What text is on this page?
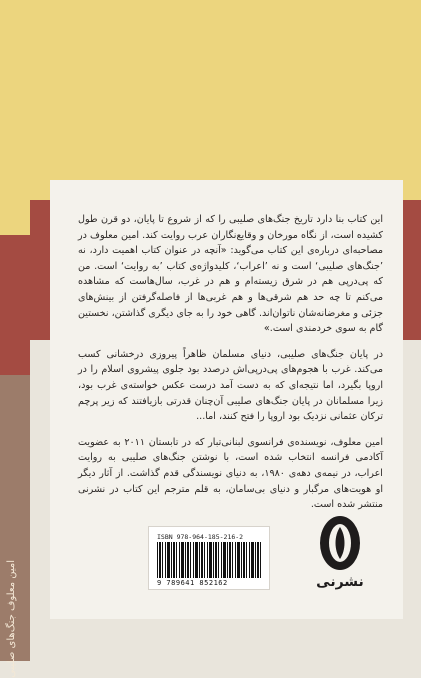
امین معلوف جنگ‌های صلیبی

این کتاب بنا دارد تاریخ جنگ‌های صلیبی را که از شروع تا پایان، دو قرن طول کشیده است، از نگاه مورخان و وقایع‌نگاران عرب روایت کند. امین معلوف در مصاحبه‌ای درباره‌ی این کتاب می‌گوید: «آنچه در عنوان کتاب اهمیت دارد، نه ’جنگ‌های صلیبی‘ است و نه ’اعراب‘، کلیدواژه‌ی کتاب ’به روایت‘ است. من که پی‌درپی هم در شرق زیسته‌ام و هم در غرب، سال‌هاست که مشاهده می‌کنم تا چه حد هم شرقی‌ها و هم غربی‌ها از فاصله‌گرفتن از بینش‌های جزئی و مغرضانه‌شان ناتوان‌اند. گاهی خود را به جای دیگری گذاشتن، نخستین گام به سوی خردمندی است.»

در پایان جنگ‌های صلیبی، دنیای مسلمان ظاهراً پیروزی درخشانی کسب می‌کند. غرب با هجوم‌های پی‌درپی‌اش درصدد بود جلوی پیشروی اسلام را در اروپا بگیرد، اما نتیجه‌ای که به دست آمد درست عکس خواسته‌ی غرب بود، زیرا مسلمانان در پایان جنگ‌های صلیبی آن‌چنان قدرتی بازیافتند که زیر پرچم ترکان عثمانی نزدیک بود اروپا را فتح کنند، اما...

امین معلوف، نویسنده‌ی فرانسوی لبنانی‌تبار که در تابستان ۲۰۱۱ به عضویت آکادمی فرانسه انتخاب شده است، با نوشتن جنگ‌های صلیبی به روایت اعراب، در نیمه‌ی دهه‌ی ۱۹۸۰، به دنیای نویسندگی قدم گذاشت. از آثار دیگر او هویت‌های مرگبار و دنیای بی‌سامان، به قلم مترجم این کتاب در نشرنی منتشر شده است.

ISBN 978-964-185-216-2
9 789641 852162	نشرنی
